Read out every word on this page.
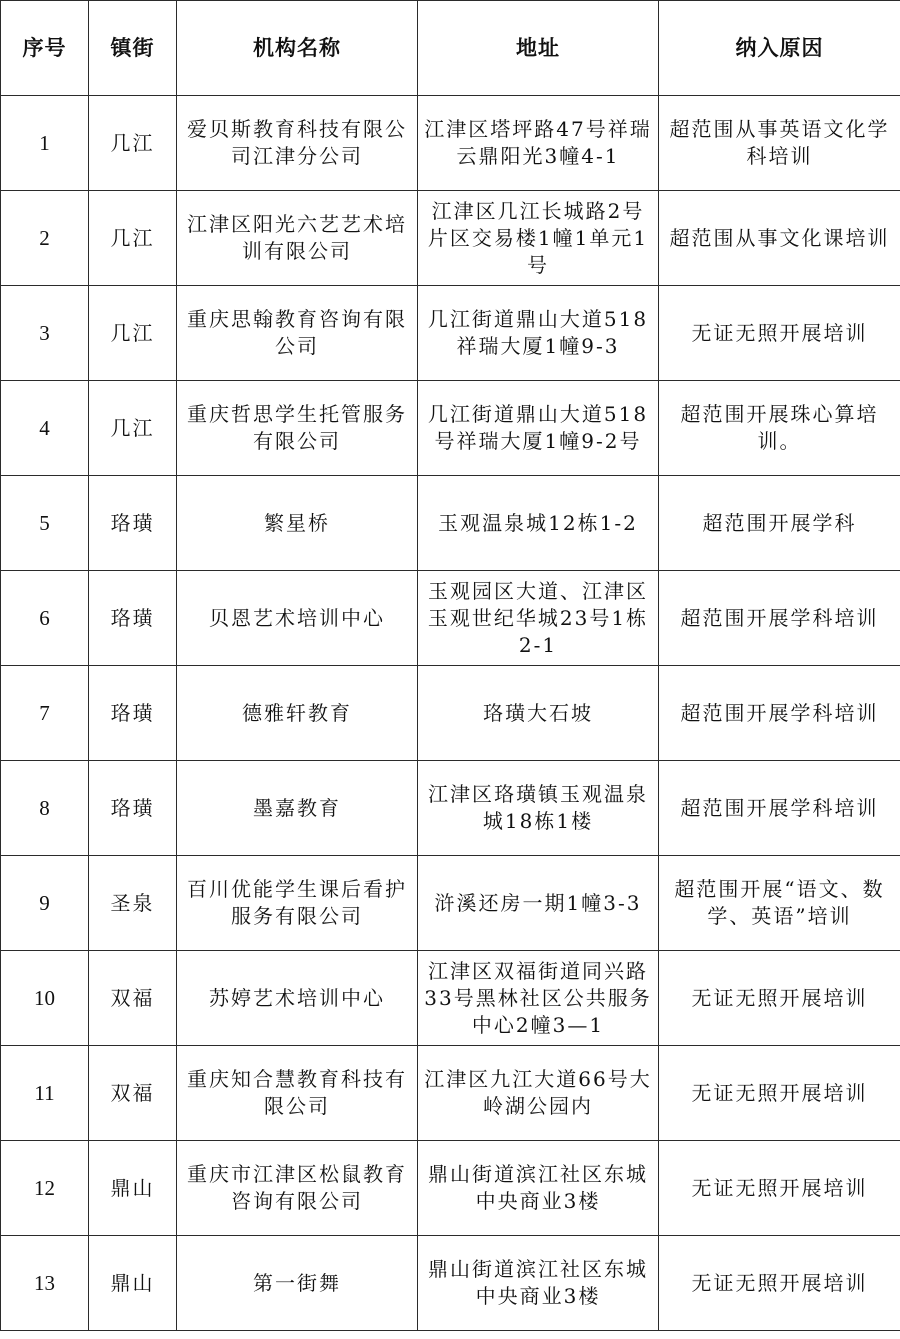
序号	镇街	机构名称	地址	纳入原因
1	几江	爱贝斯教育科技有限公司江津分公司	江津区塔坪路47号祥瑞云鼎阳光3幢4-1	超范围从事英语文化学科培训
2	几江	江津区阳光六艺艺术培训有限公司	江津区几江长城路2号片区交易楼1幢1单元1号	超范围从事文化课培训
3	几江	重庆思翰教育咨询有限公司	几江街道鼎山大道518祥瑞大厦1幢9-3	无证无照开展培训
4	几江	重庆哲思学生托管服务有限公司	几江街道鼎山大道518号祥瑞大厦1幢9-2号	超范围开展珠心算培训。
5	珞璜	繁星桥	玉观温泉城12栋1-2	超范围开展学科
6	珞璜	贝恩艺术培训中心	玉观园区大道、江津区玉观世纪华城23号1栋2-1	超范围开展学科培训
7	珞璜	德雅轩教育	珞璜大石坡	超范围开展学科培训
8	珞璜	墨嘉教育	江津区珞璜镇玉观温泉城18栋1楼	超范围开展学科培训
9	圣泉	百川优能学生课后看护服务有限公司	浒溪还房一期1幢3-3	超范围开展“语文、数学、英语”培训
10	双福	苏婷艺术培训中心	江津区双福街道同兴路33号黑林社区公共服务中心2幢3—1	无证无照开展培训
11	双福	重庆知合慧教育科技有限公司	江津区九江大道66号大岭湖公园内	无证无照开展培训
12	鼎山	重庆市江津区松鼠教育咨询有限公司	鼎山街道滨江社区东城中央商业3楼	无证无照开展培训
13	鼎山	第一街舞	鼎山街道滨江社区东城中央商业3楼	无证无照开展培训
